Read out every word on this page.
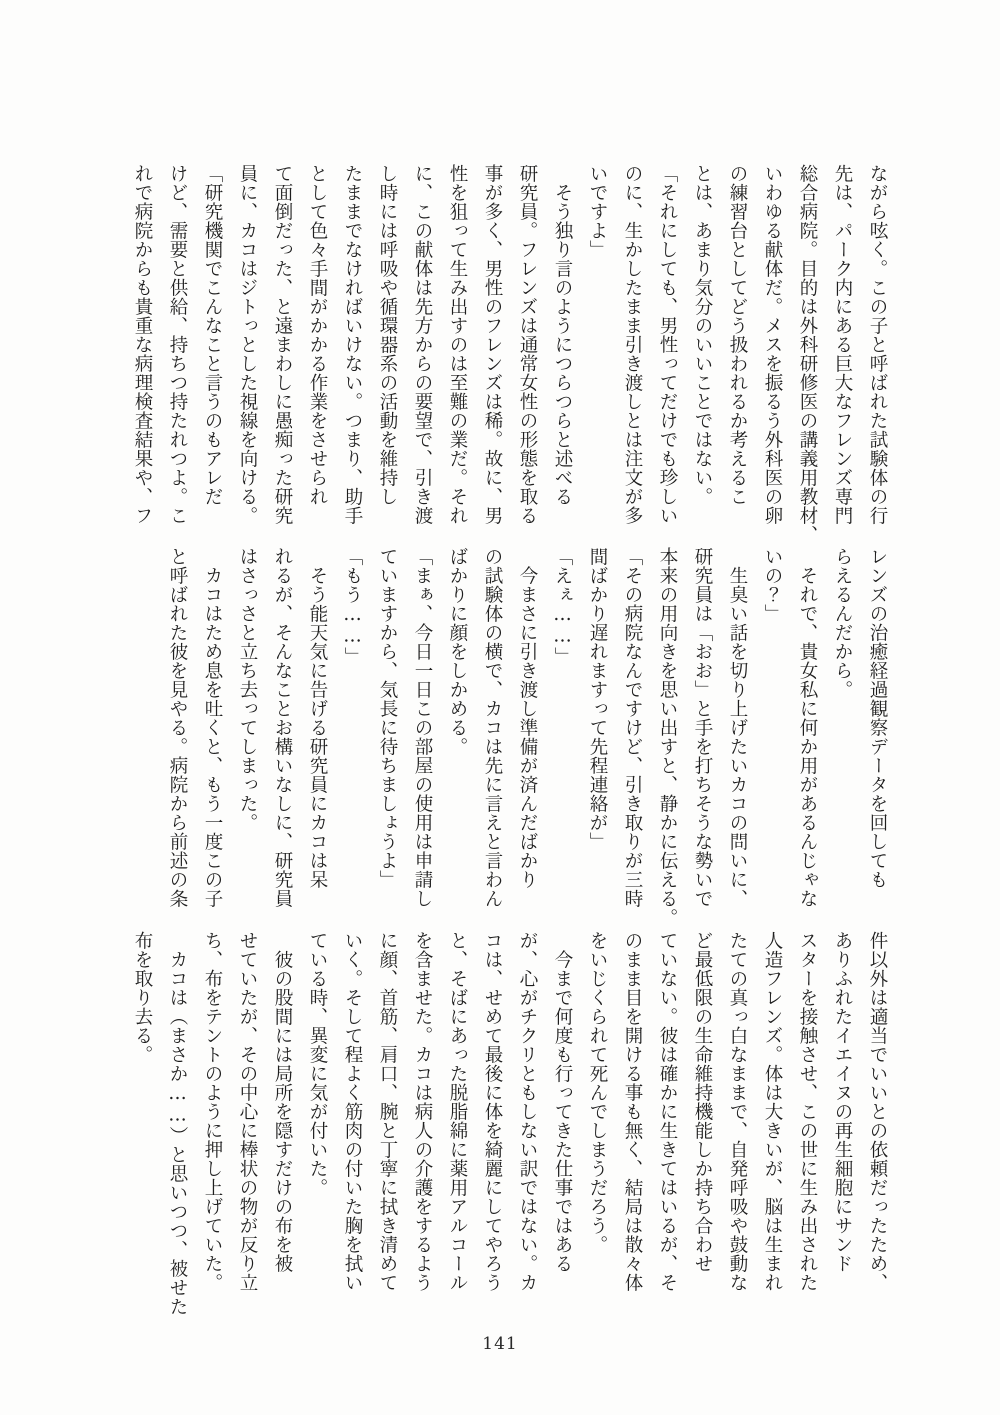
ながら呟く。この子と呼ばれた試験体の行

先は、パーク内にある巨大なフレンズ専門

総合病院。目的は外科研修医の講義用教材、

いわゆる献体だ。メスを振るう外科医の卵

の練習台としてどう扱われるか考えるこ

とは、あまり気分のいいことではない。

「それにしても、男性ってだけでも珍しい

のに、生かしたまま引き渡しとは注文が多

いですよ」

　そう独り言のようにつらつらと述べる

研究員。フレンズは通常女性の形態を取る

事が多く、男性のフレンズは稀。故に、男

性を狙って生み出すのは至難の業だ。それ

に、この献体は先方からの要望で、引き渡

し時には呼吸や循環器系の活動を維持し

たままでなければいけない。つまり、助手

として色々手間がかかる作業をさせられ

て面倒だった、と遠まわしに愚痴った研究

員に、カコはジトっとした視線を向ける。

「研究機関でこんなこと言うのもアレだ

けど、需要と供給、持ちつ持たれつよ。こ

れで病院からも貴重な病理検査結果や、フ

レンズの治癒経過観察データを回しても

らえるんだから。

　それで、貴女私に何か用があるんじゃな

いの？」

　生臭い話を切り上げたいカコの問いに、

研究員は「おお」と手を打ちそうな勢いで

本来の用向きを思い出すと、静かに伝える。

「その病院なんですけど、引き取りが三時

間ばかり遅れますって先程連絡が」

「えぇ……」

　今まさに引き渡し準備が済んだばかり

の試験体の横で、カコは先に言えと言わん

ばかりに顔をしかめる。

「まぁ、今日一日この部屋の使用は申請し

ていますから、気長に待ちましょうよ」

「もう……」

　そう能天気に告げる研究員にカコは呆

れるが、そんなことお構いなしに、研究員

はさっさと立ち去ってしまった。

　カコはため息を吐くと、もう一度この子

と呼ばれた彼を見やる。病院から前述の条

件以外は適当でいいとの依頼だったため、

ありふれたイエイヌの再生細胞にサンド

スターを接触させ、この世に生み出された

人造フレンズ。体は大きいが、脳は生まれ

たての真っ白なままで、自発呼吸や鼓動な

ど最低限の生命維持機能しか持ち合わせ

ていない。彼は確かに生きてはいるが、そ

のまま目を開ける事も無く、結局は散々体

をいじくられて死んでしまうだろう。

　今まで何度も行ってきた仕事ではある

が、心がチクリともしない訳ではない。カ

コは、せめて最後に体を綺麗にしてやろう

と、そばにあった脱脂綿に薬用アルコール

を含ませた。カコは病人の介護をするよう

に顔、首筋、肩口、腕と丁寧に拭き清めて

いく。そして程よく筋肉の付いた胸を拭い

ている時、異変に気が付いた。

　彼の股間には局所を隠すだけの布を被

せていたが、その中心に棒状の物が反り立

ち、布をテントのように押し上げていた。

　カコは（まさか……）と思いつつ、被せた

布を取り去る。

141
